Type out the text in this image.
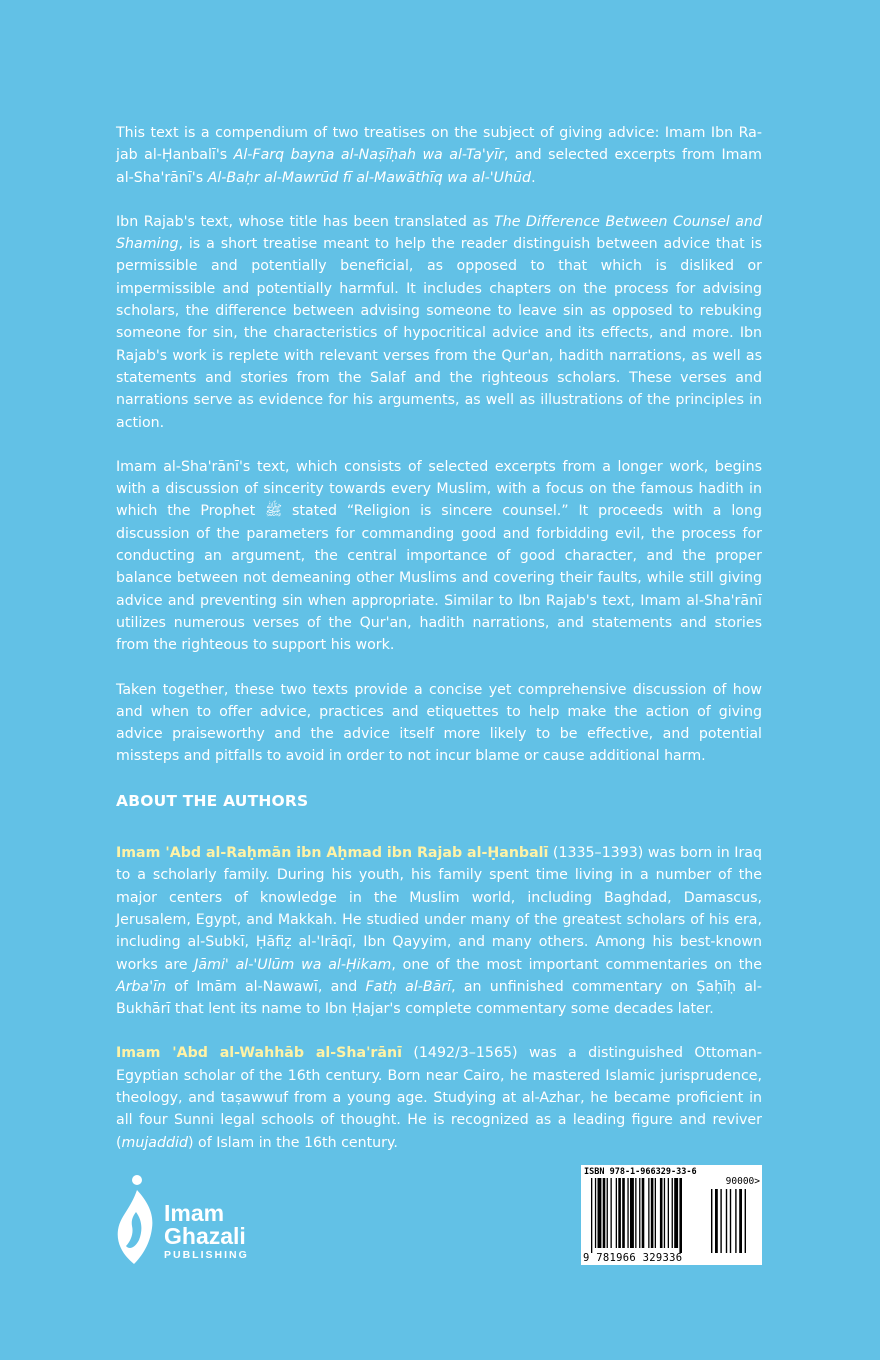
This text is a compendium of two treatises on the subject of giving advice: Imam Ibn Rajab al-Ḥanbalī's Al-Farq bayna al-Naṣīḥah wa al-Ta'yīr, and selected excerpts from Imam al-Sha'rānī's Al-Baḥr al-Mawrūd fī al-Mawāthīq wa al-'Uhūd.

Ibn Rajab's text, whose title has been translated as The Difference Between Counsel and Shaming, is a short treatise meant to help the reader distinguish between advice that is permissible and potentially beneficial, as opposed to that which is disliked or impermissible and potentially harmful. It includes chapters on the process for advising scholars, the difference between advising someone to leave sin as opposed to rebuking someone for sin, the characteristics of hypocritical advice and its effects, and more. Ibn Rajab's work is replete with relevant verses from the Qur'an, hadith narrations, as well as statements and stories from the Salaf and the righteous scholars. These verses and narrations serve as evidence for his arguments, as well as illustrations of the principles in action.

Imam al-Sha'rānī's text, which consists of selected excerpts from a longer work, begins with a discussion of sincerity towards every Muslim, with a focus on the famous hadith in which the Prophet ﷺ stated “Religion is sincere counsel.” It proceeds with a long discussion of the parameters for commanding good and forbidding evil, the process for conducting an argument, the central importance of good character, and the proper balance between not demeaning other Muslims and covering their faults, while still giving advice and preventing sin when appropriate. Similar to Ibn Rajab's text, Imam al-Sha'rānī utilizes numerous verses of the Qur'an, hadith narrations, and statements and stories from the righteous to support his work.

Taken together, these two texts provide a concise yet comprehensive discussion of how and when to offer advice, practices and etiquettes to help make the action of giving advice praiseworthy and the advice itself more likely to be effective, and potential missteps and pitfalls to avoid in order to not incur blame or cause additional harm.

ABOUT THE AUTHORS

Imam 'Abd al-Raḥmān ibn Aḥmad ibn Rajab al-Ḥanbalī (1335–1393) was born in Iraq to a scholarly family. During his youth, his family spent time living in a number of the major centers of knowledge in the Muslim world, including Baghdad, Damascus, Jerusalem, Egypt, and Makkah. He studied under many of the greatest scholars of his era, including al-Subkī, Ḥāfiẓ al-'Irāqī, Ibn Qayyim, and many others. Among his best-known works are Jāmi' al-'Ulūm wa al-Ḥikam, one of the most important commentaries on the Arba'īn of Imām al-Nawawī, and Fatḥ al-Bārī, an unfinished commentary on Ṣaḥīḥ al-Bukhārī that lent its name to Ibn Ḥajar's complete commentary some decades later.

Imam 'Abd al-Wahhāb al-Sha'rānī (1492/3–1565) was a distinguished Ottoman-Egyptian scholar of the 16th century. Born near Cairo, he mastered Islamic jurisprudence, theology, and taṣawwuf from a young age. Studying at al-Azhar, he became proficient in all four Sunni legal schools of thought. He is recognized as a leading figure and reviver (mujaddid) of Islam in the 16th century.

Imam
Ghazali
PUBLISHING
ISBN 978-1-966329-33-6
90000>
9 781966 329336
